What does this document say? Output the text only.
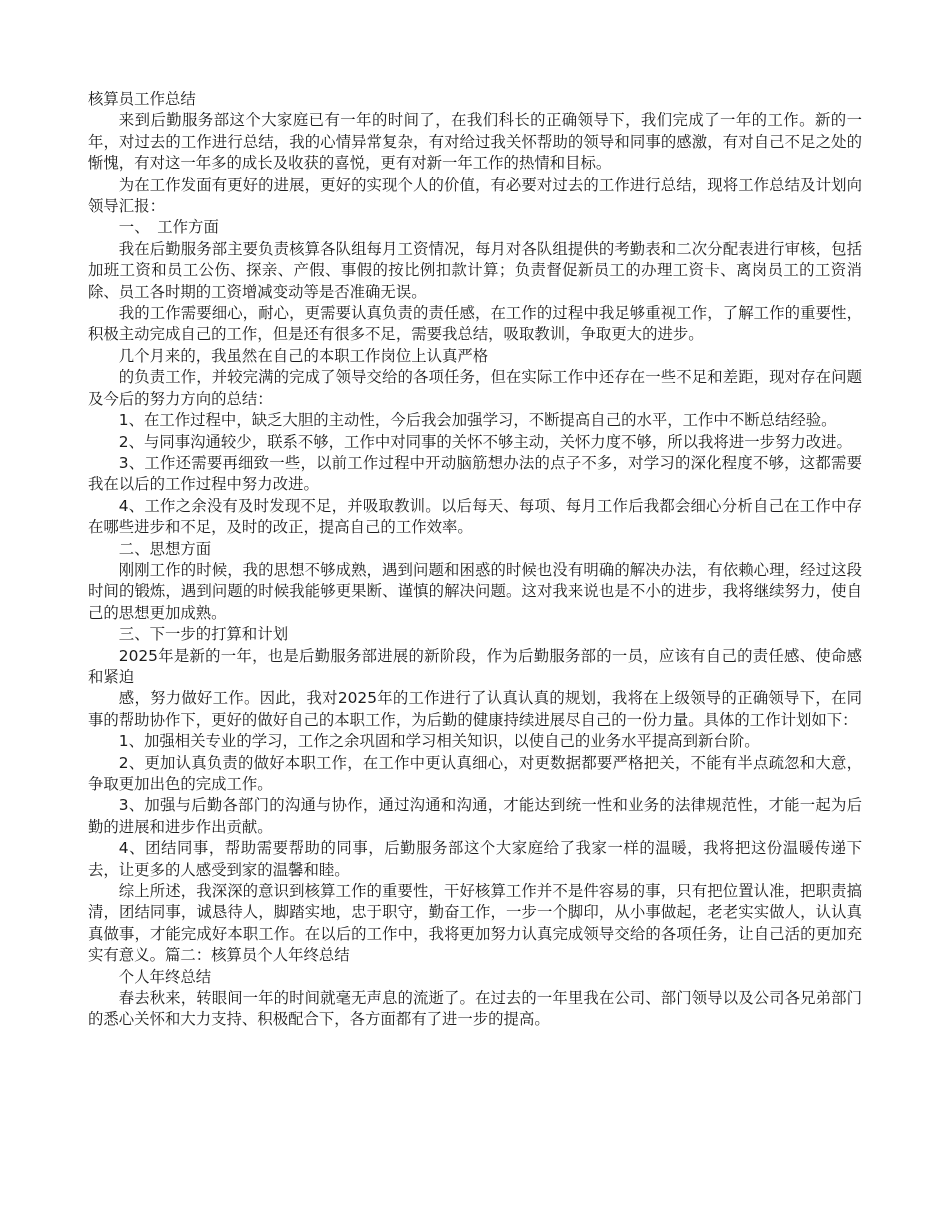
核算员工作总结

来到后勤服务部这个大家庭已有一年的时间了，在我们科长的正确领导下，我们完成了一年的工作。新的一年，对过去的工作进行总结，我的心情异常复杂，有对给过我关怀帮助的领导和同事的感激，有对自己不足之处的惭愧，有对这一年多的成长及收获的喜悦，更有对新一年工作的热情和目标。

为在工作发面有更好的进展，更好的实现个人的价值，有必要对过去的工作进行总结，现将工作总结及计划向领导汇报：

一、　工作方面

我在后勤服务部主要负责核算各队组每月工资情况，每月对各队组提供的考勤表和二次分配表进行审核，包括加班工资和员工公伤、探亲、产假、事假的按比例扣款计算；负责督促新员工的办理工资卡、离岗员工的工资消除、员工各时期的工资增减变动等是否准确无误。

我的工作需要细心，耐心，更需要认真负责的责任感，在工作的过程中我足够重视工作，了解工作的重要性，积极主动完成自己的工作，但是还有很多不足，需要我总结，吸取教训，争取更大的进步。

几个月来的，我虽然在自己的本职工作岗位上认真严格

的负责工作，并较完满的完成了领导交给的各项任务，但在实际工作中还存在一些不足和差距，现对存在问题及今后的努力方向的总结：

1、在工作过程中，缺乏大胆的主动性，今后我会加强学习，不断提高自己的水平，工作中不断总结经验。

2、与同事沟通较少，联系不够，工作中对同事的关怀不够主动，关怀力度不够，所以我将进一步努力改进。

3、工作还需要再细致一些，以前工作过程中开动脑筋想办法的点子不多，对学习的深化程度不够，这都需要我在以后的工作过程中努力改进。

4、工作之余没有及时发现不足，并吸取教训。以后每天、每项、每月工作后我都会细心分析自己在工作中存在哪些进步和不足，及时的改正，提高自己的工作效率。

二、思想方面

刚刚工作的时候，我的思想不够成熟，遇到问题和困惑的时候也没有明确的解决办法，有依赖心理，经过这段时间的锻炼，遇到问题的时候我能够更果断、谨慎的解决问题。这对我来说也是不小的进步，我将继续努力，使自己的思想更加成熟。

三、下一步的打算和计划

2025年是新的一年，也是后勤服务部进展的新阶段，作为后勤服务部的一员，应该有自己的责任感、使命感和紧迫

感，努力做好工作。因此，我对2025年的工作进行了认真认真的规划，我将在上级领导的正确领导下，在同事的帮助协作下，更好的做好自己的本职工作，为后勤的健康持续进展尽自己的一份力量。具体的工作计划如下：

1、加强相关专业的学习，工作之余巩固和学习相关知识，以使自己的业务水平提高到新台阶。

2、更加认真负责的做好本职工作，在工作中更认真细心，对更数据都要严格把关，不能有半点疏忽和大意，争取更加出色的完成工作。

3、加强与后勤各部门的沟通与协作，通过沟通和沟通，才能达到统一性和业务的法律规范性，才能一起为后勤的进展和进步作出贡献。

4、团结同事，帮助需要帮助的同事，后勤服务部这个大家庭给了我家一样的温暖，我将把这份温暖传递下去，让更多的人感受到家的温馨和睦。

综上所述，我深深的意识到核算工作的重要性，干好核算工作并不是件容易的事，只有把位置认准，把职责搞清，团结同事，诚恳待人，脚踏实地，忠于职守，勤奋工作，一步一个脚印，从小事做起，老老实实做人，认认真真做事，才能完成好本职工作。在以后的工作中，我将更加努力认真完成领导交给的各项任务，让自己活的更加充实有意义。篇二：核算员个人年终总结

个人年终总结

春去秋来，转眼间一年的时间就毫无声息的流逝了。在过去的一年里我在公司、部门领导以及公司各兄弟部门的悉心关怀和大力支持、积极配合下，各方面都有了进一步的提高。
